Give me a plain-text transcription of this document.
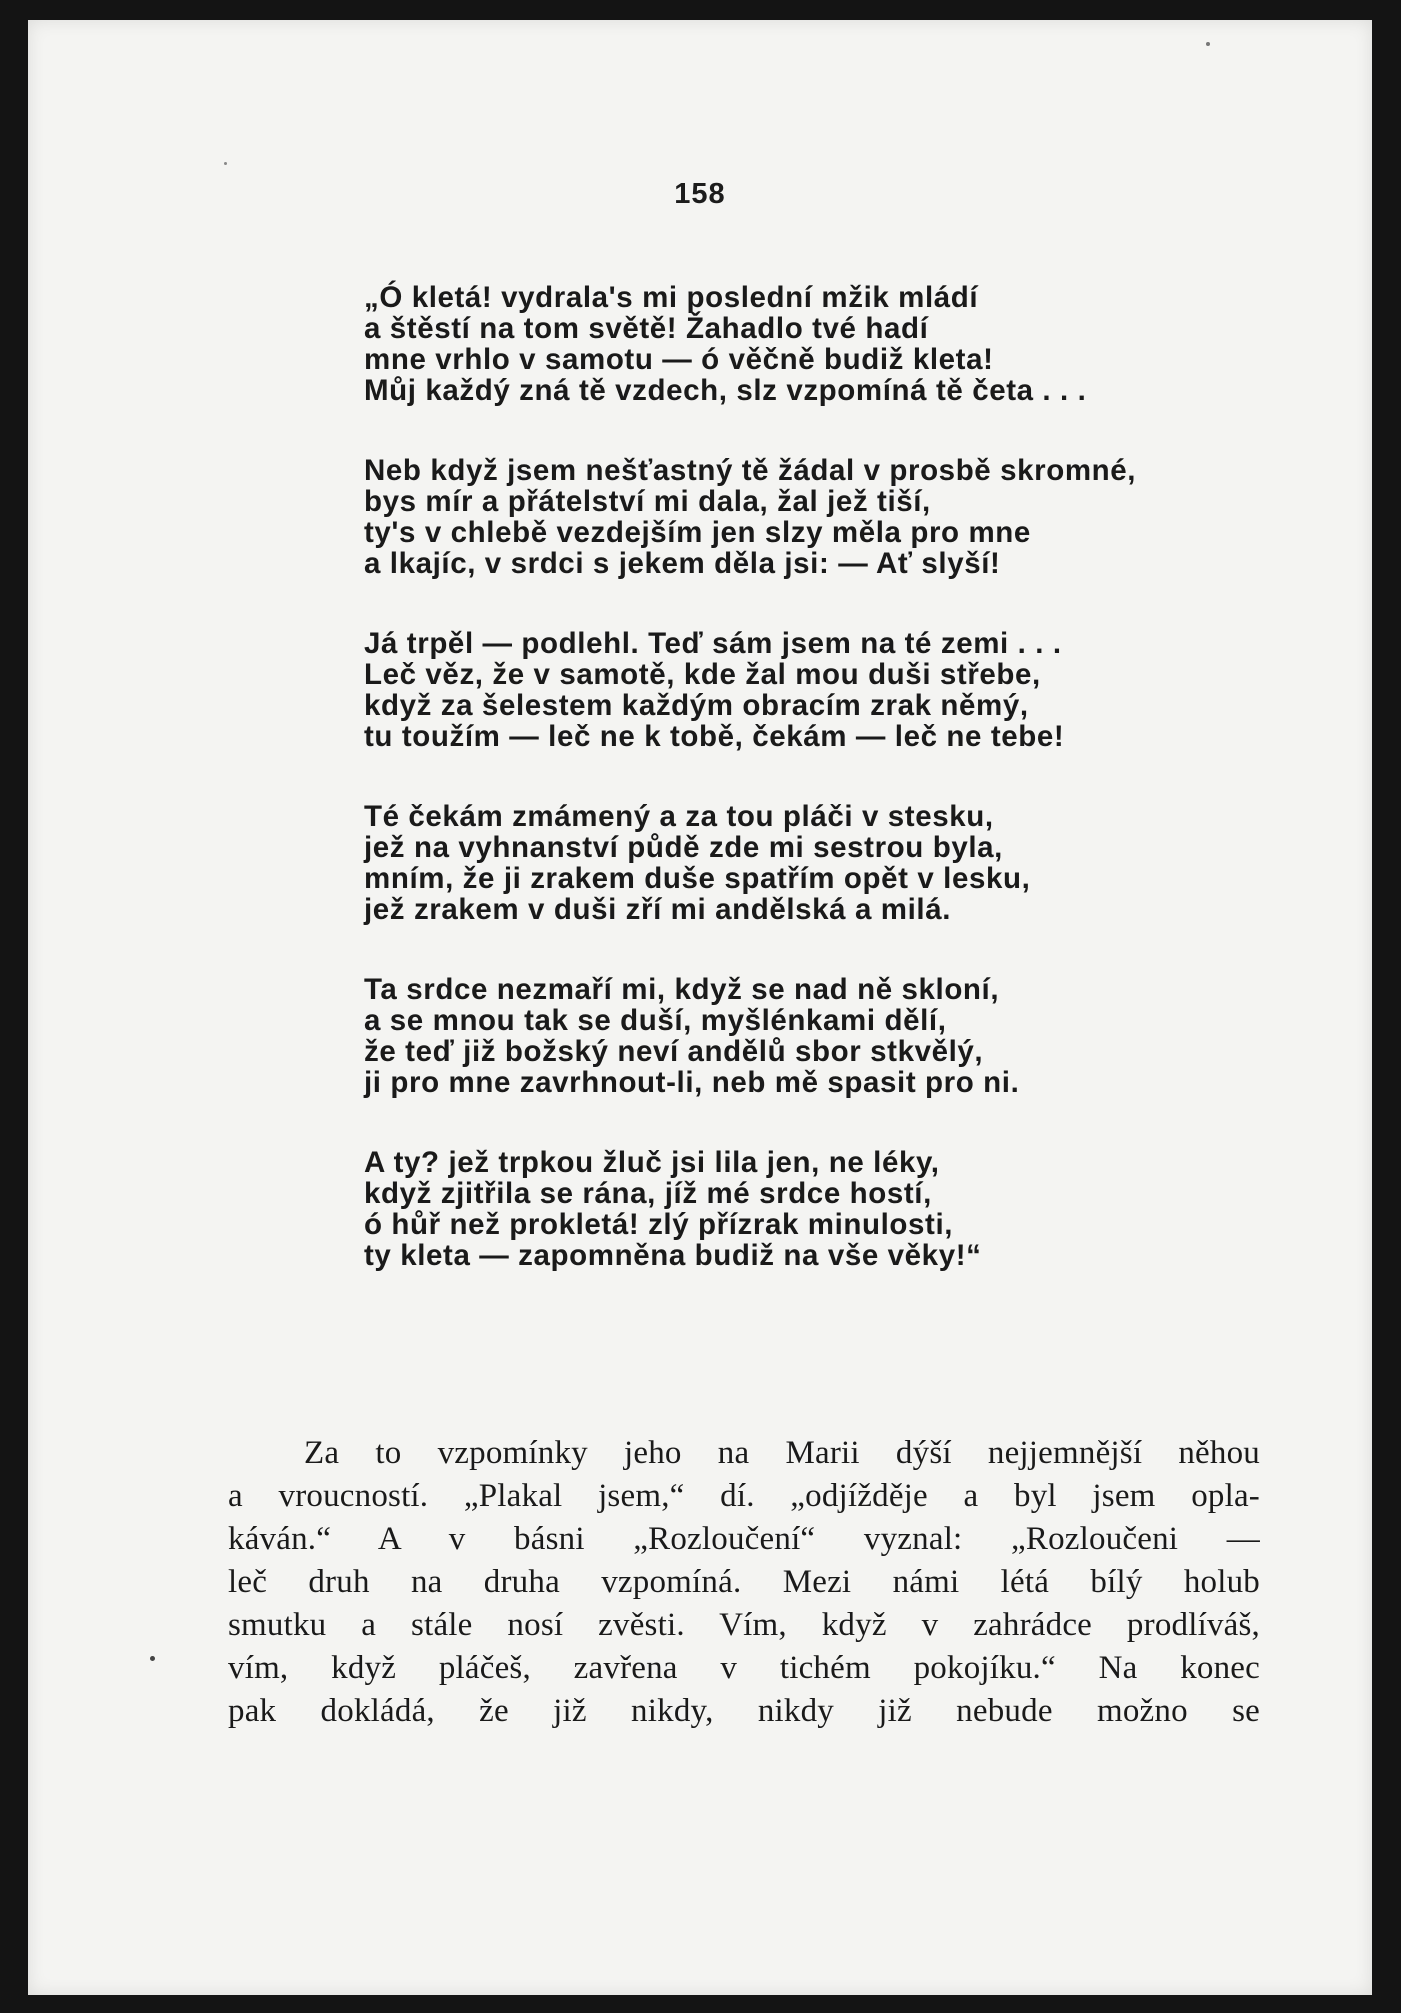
158
„Ó kletá! vydrala's mi poslední mžik mládí
a štěstí na tom světě! Žahadlo tvé hadí
mne vrhlo v samotu — ó věčně budiž kleta!
Můj každý zná tě vzdech, slz vzpomíná tě četa . . .
Neb když jsem nešťastný tě žádal v prosbě skromné,
bys mír a přátelství mi dala, žal jež tiší,
ty's v chlebě vezdejším jen slzy měla pro mne
a lkajíc, v srdci s jekem děla jsi: — Ať slyší!
Já trpěl — podlehl. Teď sám jsem na té zemi . . .
Leč věz, že v samotě, kde žal mou duši střebe,
když za šelestem každým obracím zrak němý,
tu toužím — leč ne k tobě, čekám — leč ne tebe!
Té čekám zmámený a za tou pláči v stesku,
jež na vyhnanství půdě zde mi sestrou byla,
mním, že ji zrakem duše spatřím opět v lesku,
jež zrakem v duši zří mi andělská a milá.
Ta srdce nezmaří mi, když se nad ně skloní,
a se mnou tak se duší, myšlénkami dělí,
že teď již božský neví andělů sbor stkvělý,
ji pro mne zavrhnout-li, neb mě spasit pro ni.
A ty? jež trpkou žluč jsi lila jen, ne léky,
když zjitřila se rána, jíž mé srdce hostí,
ó hůř než prokletá! zlý přízrak minulosti,
ty kleta — zapomněna budiž na vše věky!“
Za to vzpomínky jeho na Marii dýší nejjemnější něhou
a vroucností. „Plakal jsem,“ dí. „odjížděje a byl jsem opla-
káván.“ A v básni „Rozloučení“ vyznal: „Rozloučeni —
leč druh na druha vzpomíná. Mezi námi létá bílý holub
smutku a stále nosí zvěsti. Vím, když v zahrádce prodlíváš,
vím, když pláčeš, zavřena v tichém pokojíku.“ Na konec
pak dokládá, že již nikdy, nikdy již nebude možno se
